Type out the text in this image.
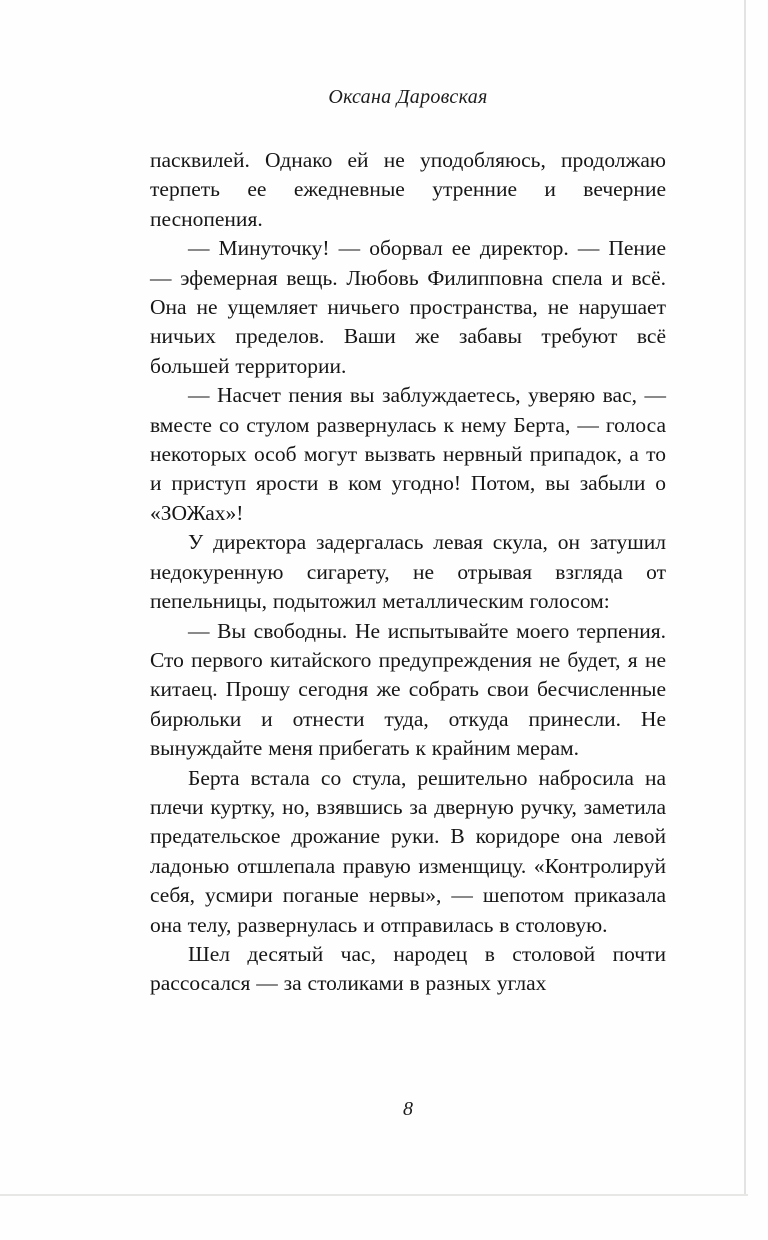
Оксана Даровская

пасквилей. Однако ей не уподобляюсь, продолжаю терпеть ее ежедневные утренние и вечерние песнопения.

— Минуточку! — оборвал ее директор. — Пение — эфемерная вещь. Любовь Филипповна спела и всё. Она не ущемляет ничьего пространства, не нарушает ничьих пределов. Ваши же забавы требуют всё большей территории.

— Насчет пения вы заблуждаетесь, уверяю вас, — вместе со стулом развернулась к нему Берта, — голоса некоторых особ могут вызвать нервный припадок, а то и приступ ярости в ком угодно! Потом, вы забыли о «ЗОЖах»!

У директора задергалась левая скула, он затушил недокуренную сигарету, не отрывая взгляда от пепельницы, подытожил металлическим голосом:

— Вы свободны. Не испытывайте моего терпения. Сто первого китайского предупреждения не будет, я не китаец. Прошу сегодня же собрать свои бесчисленные бирюльки и отнести туда, откуда принесли. Не вынуждайте меня прибегать к крайним мерам.

Берта встала со стула, решительно набросила на плечи куртку, но, взявшись за дверную ручку, заметила предательское дрожание руки. В коридоре она левой ладонью отшлепала правую изменщицу. «Контролируй себя, усмири поганые нервы», — шепотом приказала она телу, развернулась и отправилась в столовую.

Шел десятый час, народец в столовой почти рассосался — за столиками в разных углах

8
